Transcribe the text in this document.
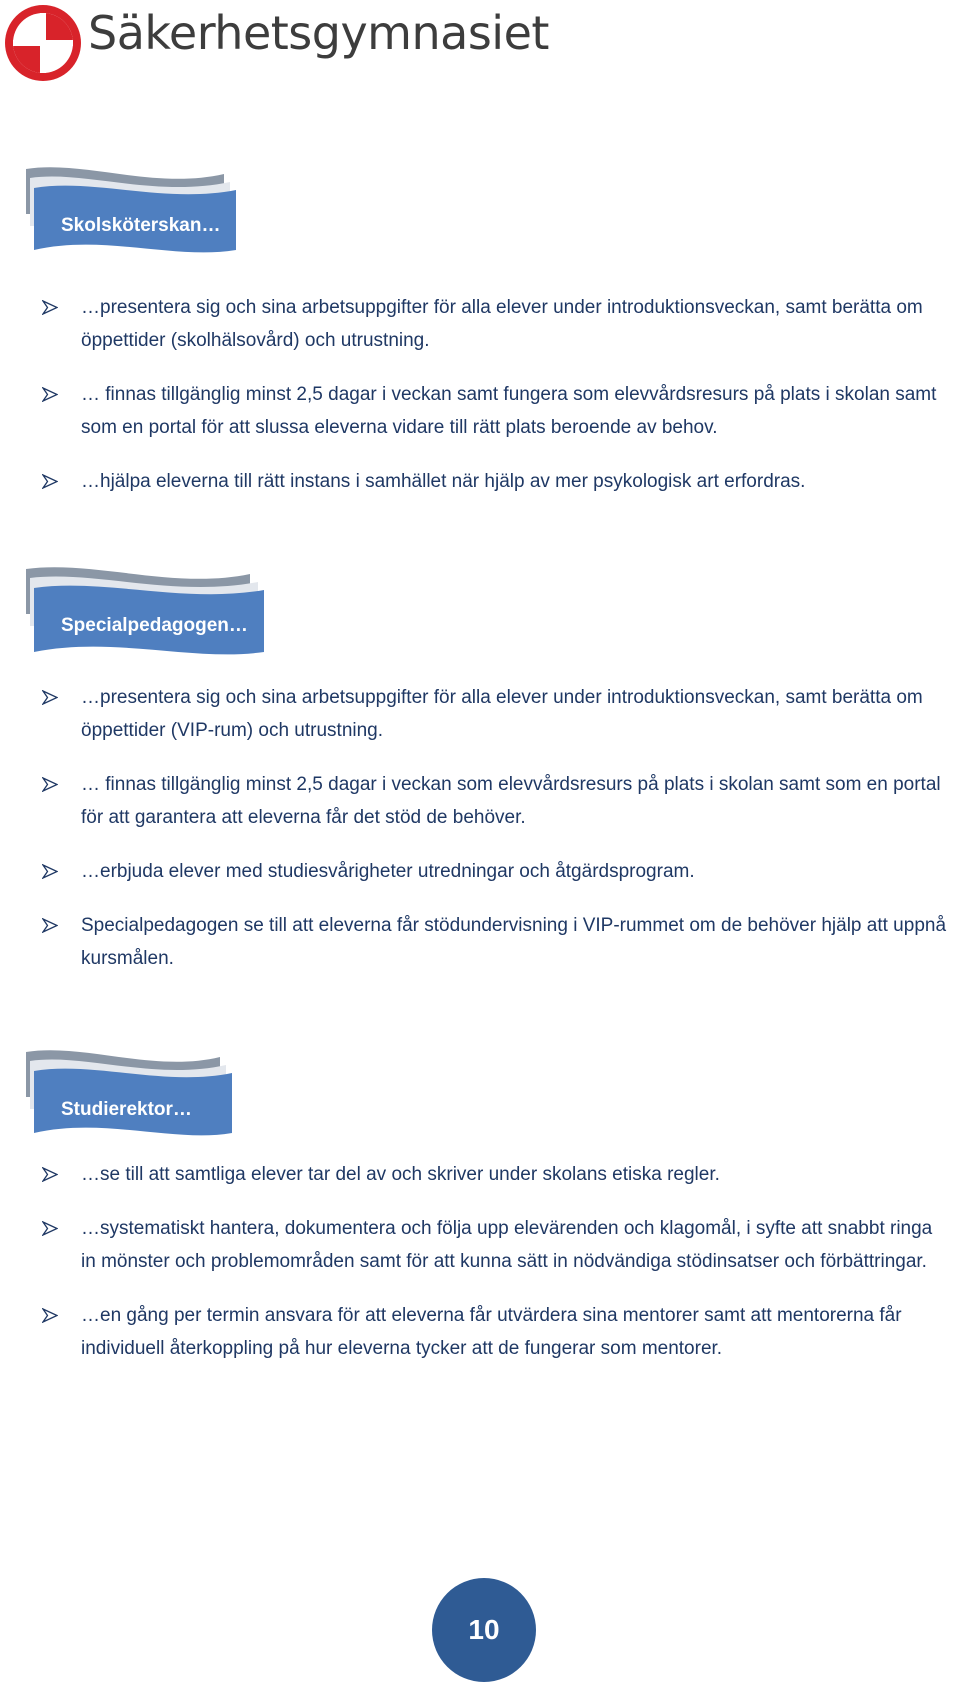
Säkerhetsgymnasiet
Skolsköterskan…
…presentera sig och sina arbetsuppgifter för alla elever under introduktionsveckan, samt berätta om öppettider (skolhälsovård) och utrustning.
… finnas tillgänglig minst 2,5 dagar i veckan samt fungera som elevvårdsresurs på plats i skolan samt som en portal för att slussa eleverna vidare till rätt plats beroende av behov.
…hjälpa eleverna till rätt instans i samhället när hjälp av mer psykologisk art erfordras.
Specialpedagogen…
…presentera sig och sina arbetsuppgifter för alla elever under introduktionsveckan, samt berätta om öppettider (VIP-rum) och utrustning.
… finnas tillgänglig minst 2,5 dagar i veckan som elevvårdsresurs på plats i skolan samt som en portal för att garantera att eleverna får det stöd de behöver.
…erbjuda elever med studiesvårigheter utredningar och åtgärdsprogram.
Specialpedagogen se till att eleverna får stödundervisning i VIP-rummet om de behöver hjälp att uppnå kursmålen.
Studierektor…
…se till att samtliga elever tar del av och skriver under skolans etiska regler.
…systematiskt hantera, dokumentera och följa upp elevärenden och klagomål, i syfte att snabbt ringa in mönster och problemområden samt för att kunna sätt in nödvändiga stödinsatser och förbättringar.
…en gång per termin ansvara för att eleverna får utvärdera sina mentorer samt att mentorerna får individuell återkoppling på hur eleverna tycker att de fungerar som mentorer.
10
